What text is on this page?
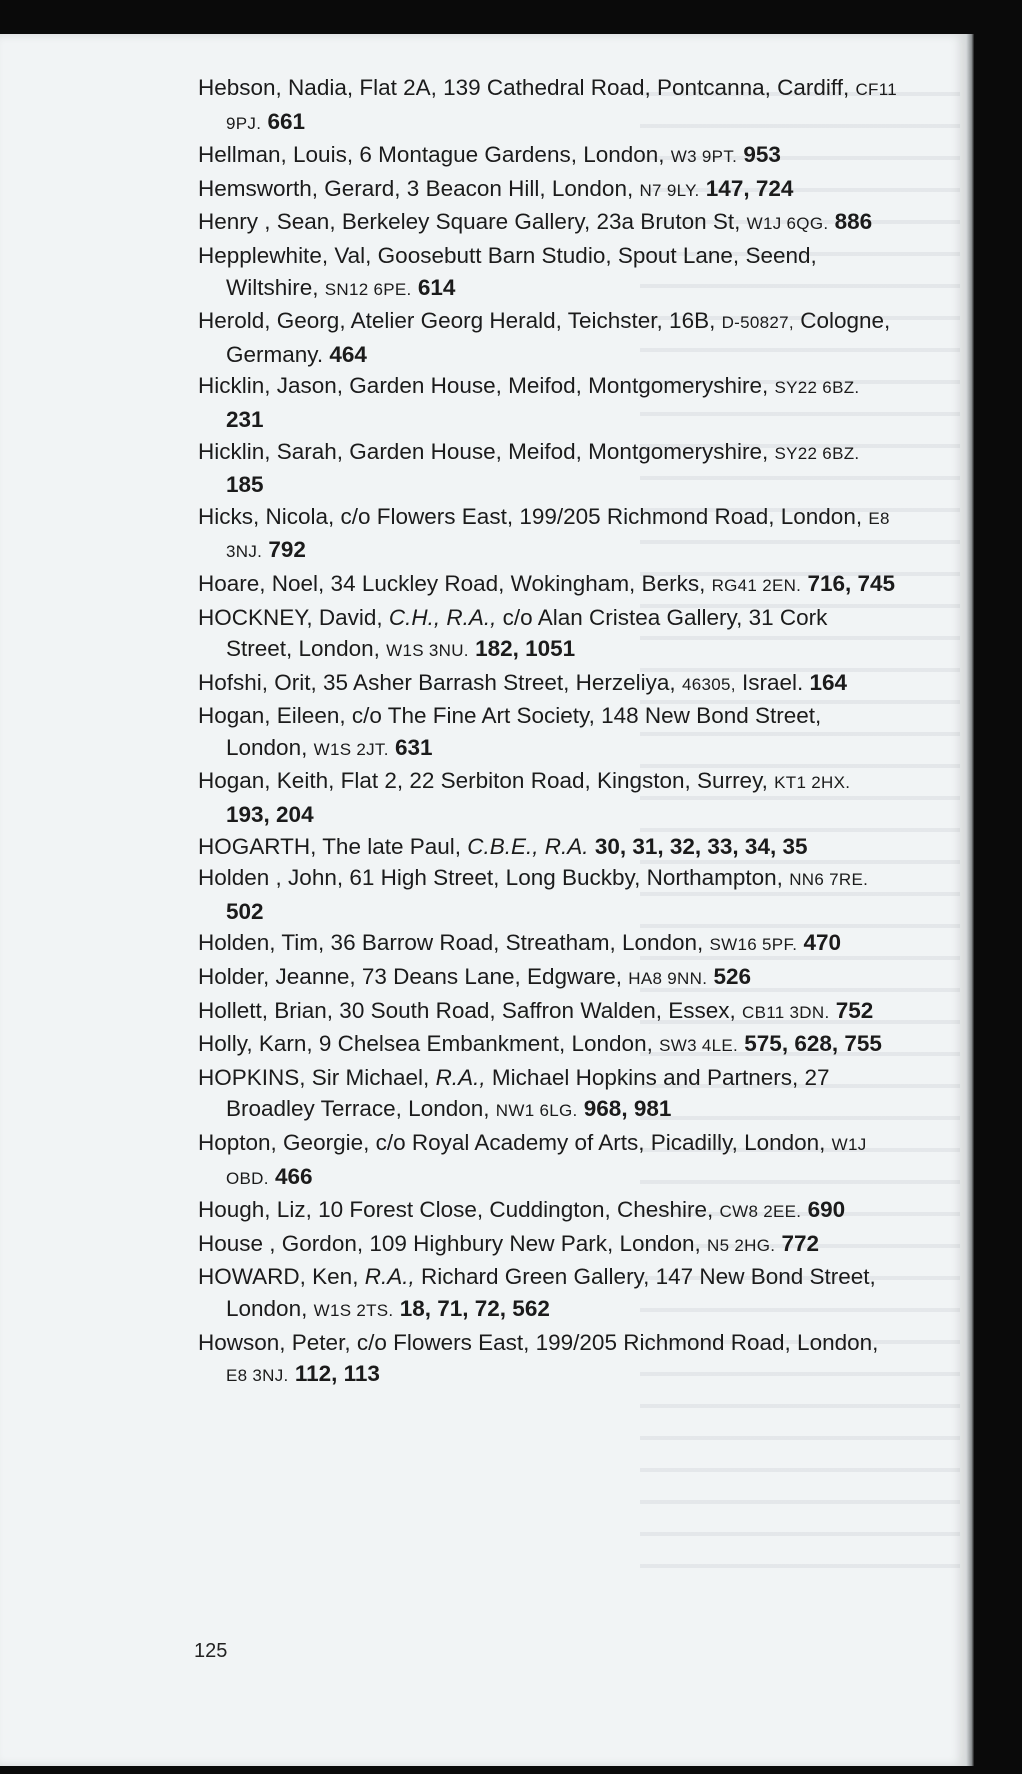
Hebson, Nadia, Flat 2A, 139 Cathedral Road, Pontcanna, Cardiff, CF11 9PJ. 661
Hellman, Louis, 6 Montague Gardens, London, W3 9PT. 953
Hemsworth, Gerard, 3 Beacon Hill, London, N7 9LY. 147, 724
Henry , Sean, Berkeley Square Gallery, 23a Bruton St, W1J 6QG. 886
Hepplewhite, Val, Goosebutt Barn Studio, Spout Lane, Seend, Wiltshire, SN12 6PE. 614
Herold, Georg, Atelier Georg Herald, Teichster, 16B, D-50827, Cologne, Germany. 464
Hicklin, Jason, Garden House, Meifod, Montgomeryshire, SY22 6BZ. 231
Hicklin, Sarah, Garden House, Meifod, Montgomeryshire, SY22 6BZ. 185
Hicks, Nicola, c/o Flowers East, 199/205 Richmond Road, London, E8 3NJ. 792
Hoare, Noel, 34 Luckley Road, Wokingham, Berks, RG41 2EN. 716, 745
HOCKNEY, David, C.H., R.A., c/o Alan Cristea Gallery, 31 Cork Street, London, W1S 3NU. 182, 1051
Hofshi, Orit, 35 Asher Barrash Street, Herzeliya, 46305, Israel. 164
Hogan, Eileen, c/o The Fine Art Society, 148 New Bond Street, London, W1S 2JT. 631
Hogan, Keith, Flat 2, 22 Serbiton Road, Kingston, Surrey, KT1 2HX. 193, 204
HOGARTH, The late Paul, C.B.E., R.A. 30, 31, 32, 33, 34, 35
Holden , John, 61 High Street, Long Buckby, Northampton, NN6 7RE. 502
Holden, Tim, 36 Barrow Road, Streatham, London, SW16 5PF. 470
Holder, Jeanne, 73 Deans Lane, Edgware, HA8 9NN. 526
Hollett, Brian, 30 South Road, Saffron Walden, Essex, CB11 3DN. 752
Holly, Karn, 9 Chelsea Embankment, London, SW3 4LE. 575, 628, 755
HOPKINS, Sir Michael, R.A., Michael Hopkins and Partners, 27 Broadley Terrace, London, NW1 6LG. 968, 981
Hopton, Georgie, c/o Royal Academy of Arts, Picadilly, London, W1J OBD. 466
Hough, Liz, 10 Forest Close, Cuddington, Cheshire, CW8 2EE. 690
House , Gordon, 109 Highbury New Park, London, N5 2HG. 772
HOWARD, Ken, R.A., Richard Green Gallery, 147 New Bond Street, London, W1S 2TS. 18, 71, 72, 562
Howson, Peter, c/o Flowers East, 199/205 Richmond Road, London, E8 3NJ. 112, 113
125
